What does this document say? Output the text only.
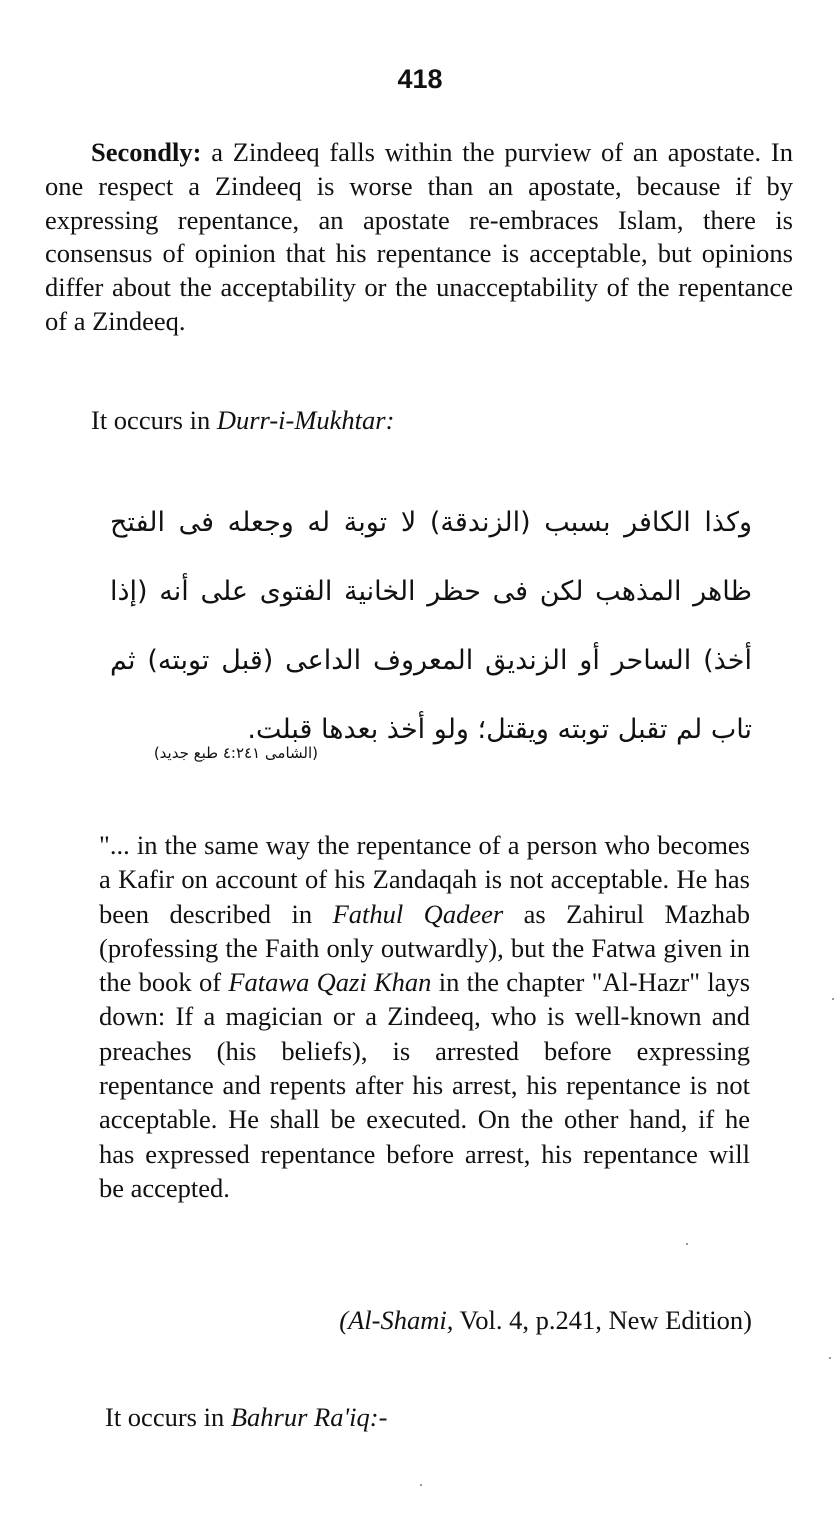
418

Secondly: a Zindeeq falls within the purview of an apostate. In one respect a Zindeeq is worse than an apostate, because if by expressing repentance, an apostate re-embraces Islam, there is consensus of opinion that his repentance is acceptable, but opinions differ about the acceptability or the unacceptability of the repentance of a Zindeeq.

It occurs in Durr-i-Mukhtar:

وكذا الكافر بسبب (الزندقة) لا توبة له وجعله فى الفتح ظاهر المذهب لكن فى حظر الخانية الفتوى على أنه (إذا أخذ) الساحر أو الزنديق المعروف الداعى (قبل توبته) ثم تاب لم تقبل توبته ويقتل؛ ولو أخذ بعدها قبلت.

(الشامى ٤:٢٤١ طبع جديد)

"... in the same way the repentance of a person who becomes a Kafir on account of his Zandaqah is not acceptable. He has been described in Fathul Qadeer as Zahirul Mazhab (professing the Faith only outwardly), but the Fatwa given in the book of Fatawa Qazi Khan in the chapter "Al-Hazr" lays down: If a magician or a Zindeeq, who is well-known and preaches (his beliefs), is arrested before expressing repentance and repents after his arrest, his repentance is not acceptable. He shall be executed. On the other hand, if he has expressed repentance before arrest, his repentance will be accepted.

(Al-Shami, Vol. 4, p.241, New Edition)

It occurs in Bahrur Ra'iq:-
